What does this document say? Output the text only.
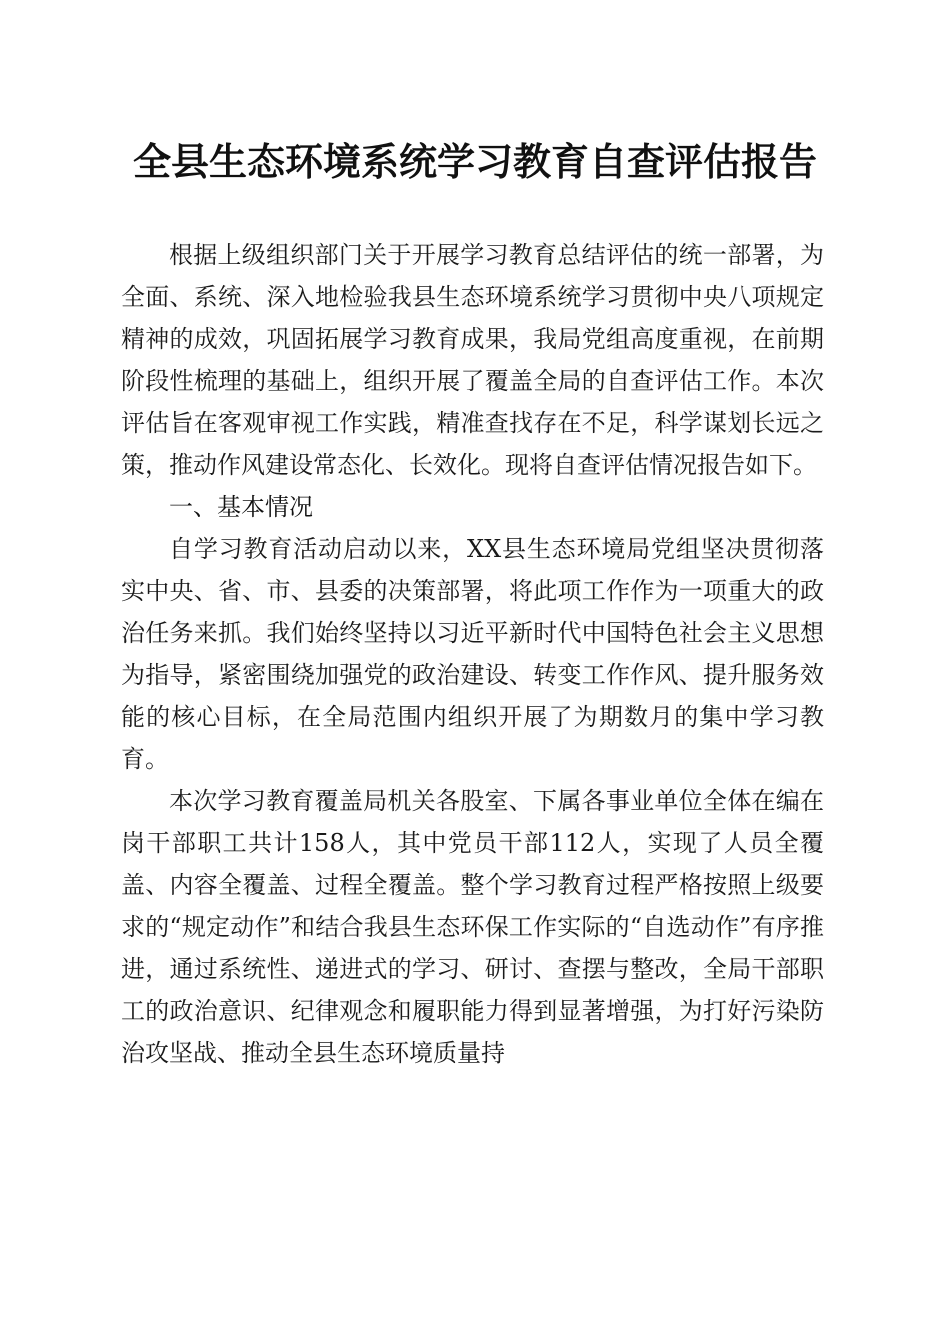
全县生态环境系统学习教育自查评估报告

根据上级组织部门关于开展学习教育总结评估的统一部署，为全面、系统、深入地检验我县生态环境系统学习贯彻中央八项规定精神的成效，巩固拓展学习教育成果，我局党组高度重视，在前期阶段性梳理的基础上，组织开展了覆盖全局的自查评估工作。本次评估旨在客观审视工作实践，精准查找存在不足，科学谋划长远之策，推动作风建设常态化、长效化。现将自查评估情况报告如下。

一、基本情况

自学习教育活动启动以来，XX县生态环境局党组坚决贯彻落实中央、省、市、县委的决策部署，将此项工作作为一项重大的政治任务来抓。我们始终坚持以习近平新时代中国特色社会主义思想为指导，紧密围绕加强党的政治建设、转变工作作风、提升服务效能的核心目标，在全局范围内组织开展了为期数月的集中学习教育。

本次学习教育覆盖局机关各股室、下属各事业单位全体在编在岗干部职工共计158人，其中党员干部112人，实现了人员全覆盖、内容全覆盖、过程全覆盖。整个学习教育过程严格按照上级要求的“规定动作”和结合我县生态环保工作实际的“自选动作”有序推进，通过系统性、递进式的学习、研讨、查摆与整改，全局干部职工的政治意识、纪律观念和履职能力得到显著增强，为打好污染防治攻坚战、推动全县生态环境质量持
